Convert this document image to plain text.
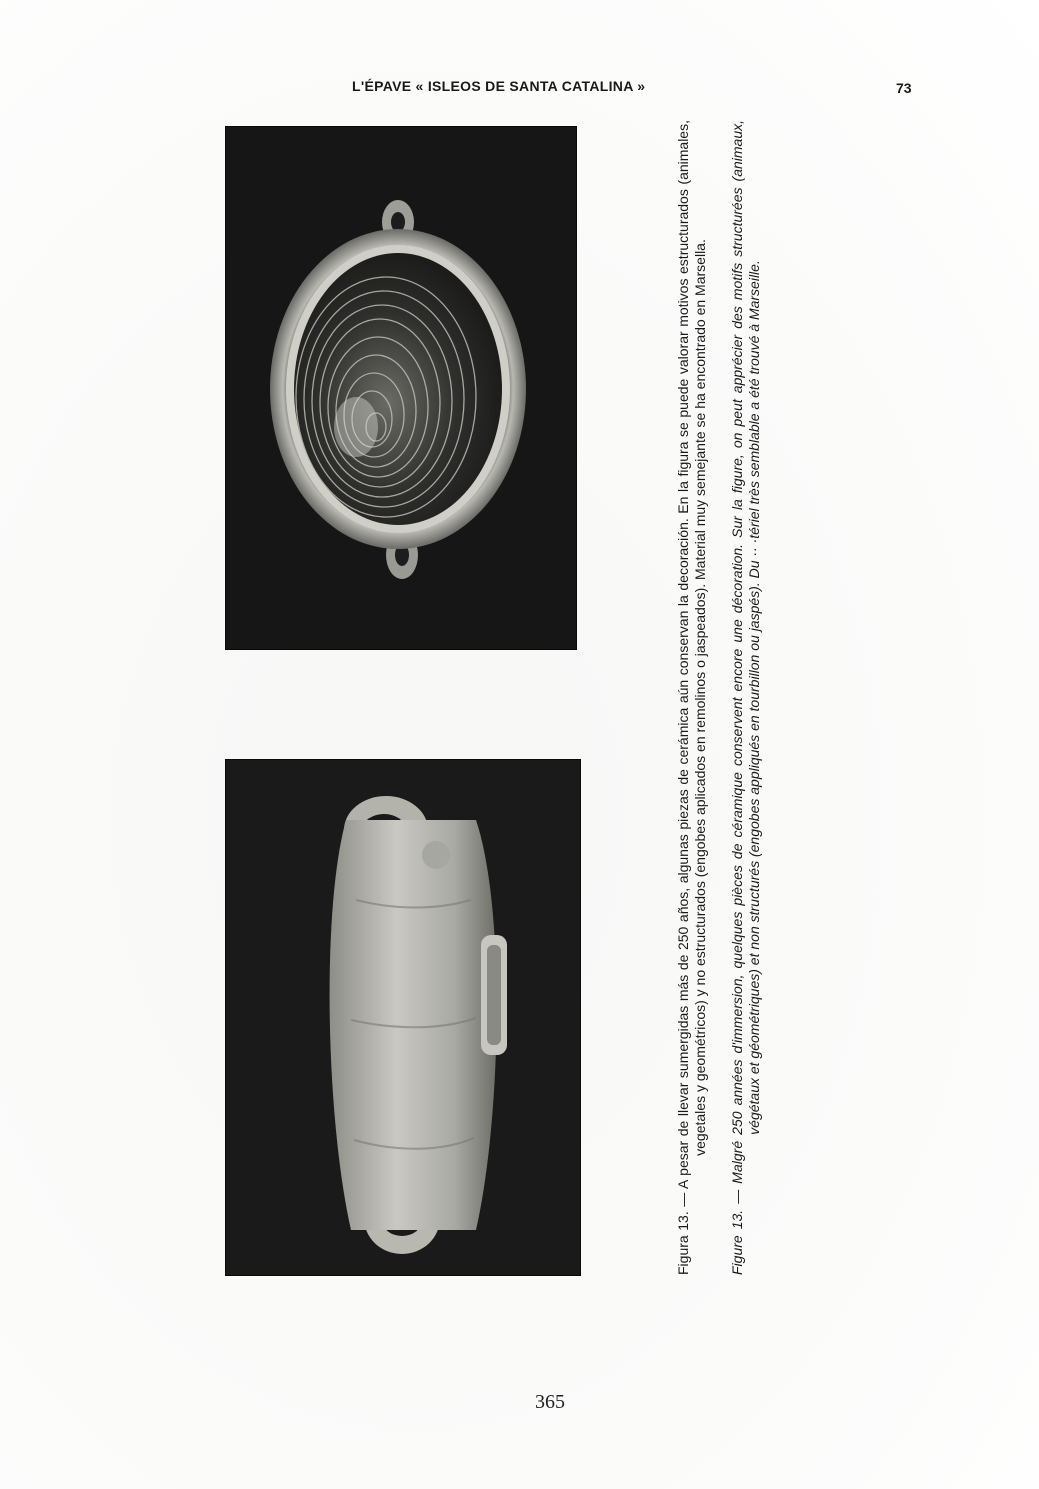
L'ÉPAVE « ISLEOS DE SANTA CATALINA »	73

Figura 13. — A pesar de llevar sumergidas más de 250 años, algunas piezas de cerámica aún conservan la decoración. En la figura se puede valorar motivos estructurados (animales, vegetales y geométricos) y no estructurados (engobes aplicados en remolinos o jaspeados). Material muy semejante se ha encontrado en Marsella. Figure 13. — Malgré 250 années d'immersion, quelques pièces de céramique conservent encore une décoration. Sur la figure, on peut apprécier des motifs structurées (animaux, végétaux et géométriques) et non structurés (engobes appliqués en tourbillon ou jaspés). Du ·· ·tériel très semblable a été trouvé à Marseille.

365
